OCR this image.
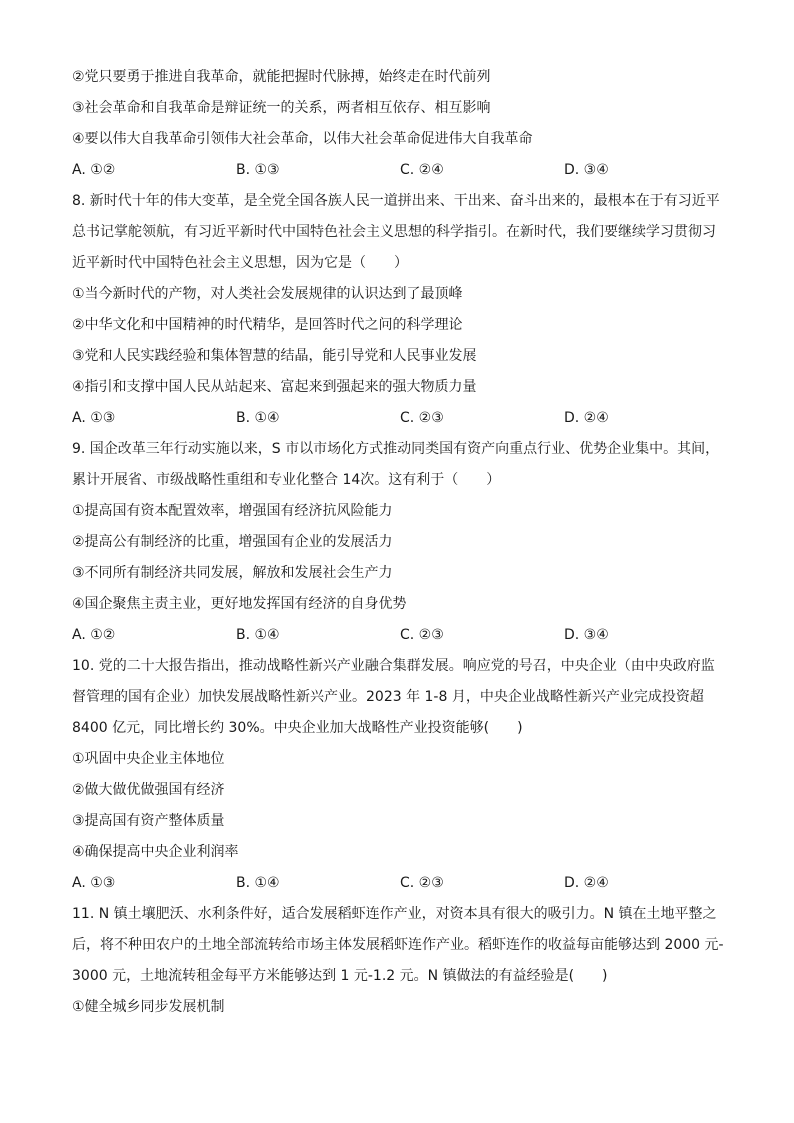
②党只要勇于推进自我革命，就能把握时代脉搏，始终走在时代前列
③社会革命和自我革命是辩证统一的关系，两者相互依存、相互影响
④要以伟大自我革命引领伟大社会革命，以伟大社会革命促进伟大自我革命
A. ①②	B. ①③	C. ②④	D. ③④
8. 新时代十年的伟大变革，是全党全国各族人民一道拼出来、干出来、奋斗出来的，最根本在于有习近平
总书记掌舵领航，有习近平新时代中国特色社会主义思想的科学指引。在新时代，我们要继续学习贯彻习
近平新时代中国特色社会主义思想，因为它是（　　）
①当今新时代的产物，对人类社会发展规律的认识达到了最顶峰
②中华文化和中国精神的时代精华，是回答时代之问的科学理论
③党和人民实践经验和集体智慧的结晶，能引导党和人民事业发展
④指引和支撑中国人民从站起来、富起来到强起来的强大物质力量
A. ①③	B. ①④	C. ②③	D. ②④
9. 国企改革三年行动实施以来，S 市以市场化方式推动同类国有资产向重点行业、优势企业集中。其间，
累计开展省、市级战略性重组和专业化整合 14次。这有利于（　　）
①提高国有资本配置效率，增强国有经济抗风险能力
②提高公有制经济的比重，增强国有企业的发展活力
③不同所有制经济共同发展，解放和发展社会生产力
④国企聚焦主责主业，更好地发挥国有经济的自身优势
A. ①②	B. ①④	C. ②③	D. ③④
10. 党的二十大报告指出，推动战略性新兴产业融合集群发展。响应党的号召，中央企业（由中央政府监
督管理的国有企业）加快发展战略性新兴产业。2023 年 1-8 月，中央企业战略性新兴产业完成投资超
8400 亿元，同比增长约 30%。中央企业加大战略性产业投资能够(　　)
①巩固中央企业主体地位
②做大做优做强国有经济
③提高国有资产整体质量
④确保提高中央企业利润率
A. ①③	B. ①④	C. ②③	D. ②④
11. N 镇土壤肥沃、水利条件好，适合发展稻虾连作产业，对资本具有很大的吸引力。N 镇在土地平整之
后，将不种田农户的土地全部流转给市场主体发展稻虾连作产业。稻虾连作的收益每亩能够达到 2000 元-
3000 元，土地流转租金每平方米能够达到 1 元-1.2 元。N 镇做法的有益经验是(　　)
①健全城乡同步发展机制
